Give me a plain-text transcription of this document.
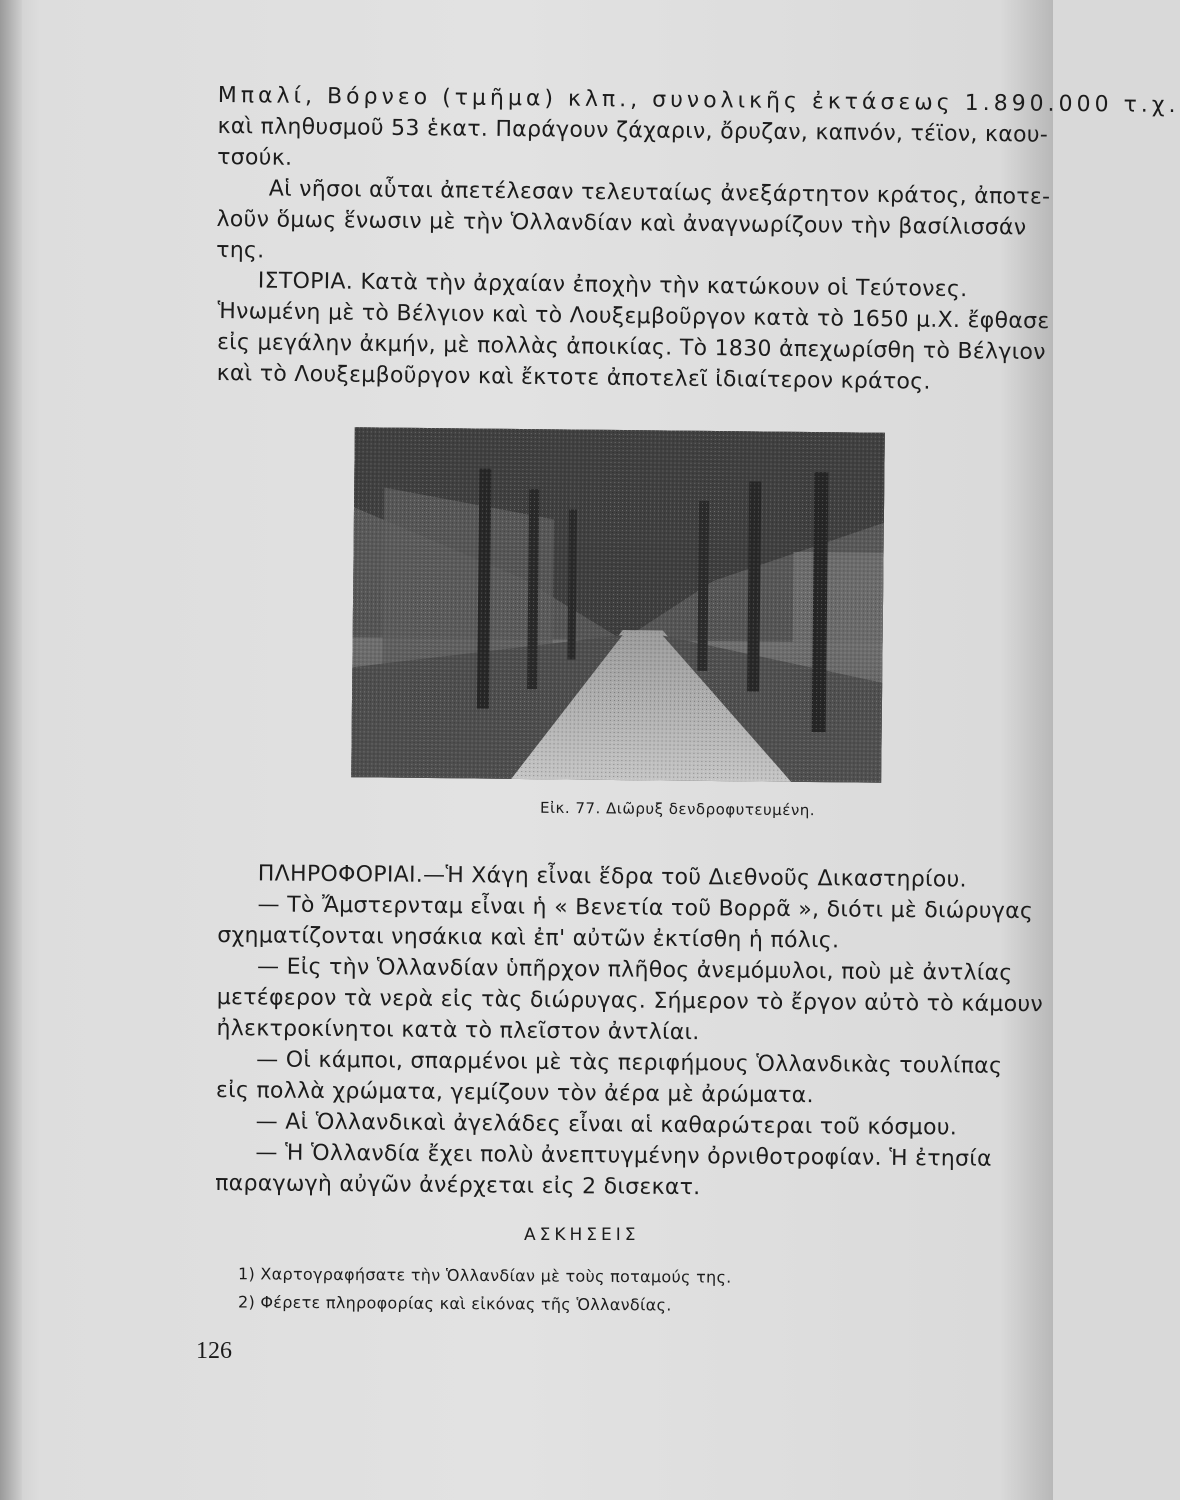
Μπαλί, Βόρνεο (τμῆμα) κλπ., συνολικῆς ἐκτάσεως 1.890.000 τ.χ.
καὶ πληθυσμοῦ 53 ἑκατ. Παράγουν ζάχαριν, ὄρυζαν, καπνόν, τέϊον, καου-
τσούκ.
Αἱ νῆσοι αὗται ἀπετέλεσαν τελευταίως ἀνεξάρτητον κράτος, ἀποτε-
λοῦν ὅμως ἕνωσιν μὲ τὴν Ὁλλανδίαν καὶ ἀναγνωρίζουν τὴν βασίλισσάν
της.
ΙΣΤΟΡΙΑ. Κατὰ τὴν ἀρχαίαν ἐποχὴν τὴν κατώκουν οἱ Τεύτονες.
Ἡνωμένη μὲ τὸ Βέλγιον καὶ τὸ Λουξεμβοῦργον κατὰ τὸ 1650 μ.Χ. ἔφθασε
εἰς μεγάλην ἀκμήν, μὲ πολλὰς ἀποικίας. Τὸ 1830 ἀπεχωρίσθη τὸ Βέλγιον
καὶ τὸ Λουξεμβοῦργον καὶ ἔκτοτε ἀποτελεῖ ἰδιαίτερον κράτος.
Εἰκ. 77. Διῶρυξ δενδροφυτευμένη.
ΠΛΗΡΟΦΟΡΙΑΙ.—Ἡ Χάγη εἶναι ἕδρα τοῦ Διεθνοῦς Δικαστηρίου.
— Τὸ Ἄμστερνταμ εἶναι ἡ « Βενετία τοῦ Βορρᾶ », διότι μὲ διώρυγας
σχηματίζονται νησάκια καὶ ἐπ' αὐτῶν ἐκτίσθη ἡ πόλις.
— Εἰς τὴν Ὁλλανδίαν ὑπῆρχον πλῆθος ἀνεμόμυλοι, ποὺ μὲ ἀντλίας
μετέφερον τὰ νερὰ εἰς τὰς διώρυγας. Σήμερον τὸ ἔργον αὐτὸ τὸ κάμουν
ἠλεκτροκίνητοι κατὰ τὸ πλεῖστον ἀντλίαι.
— Οἱ κάμποι, σπαρμένοι μὲ τὰς περιφήμους Ὁλλανδικὰς τουλίπας
εἰς πολλὰ χρώματα, γεμίζουν τὸν ἀέρα μὲ ἀρώματα.
— Αἱ Ὁλλανδικαὶ ἀγελάδες εἶναι αἱ καθαρώτεραι τοῦ κόσμου.
— Ἡ Ὁλλανδία ἔχει πολὺ ἀνεπτυγμένην ὀρνιθοτροφίαν. Ἡ ἐτησία
παραγωγὴ αὐγῶν ἀνέρχεται εἰς 2 δισεκατ.
ΑΣΚΗΣΕΙΣ
1) Χαρτογραφήσατε τὴν Ὁλλανδίαν μὲ τοὺς ποταμούς της.
2) Φέρετε πληροφορίας καὶ εἰκόνας τῆς Ὁλλανδίας.
126
